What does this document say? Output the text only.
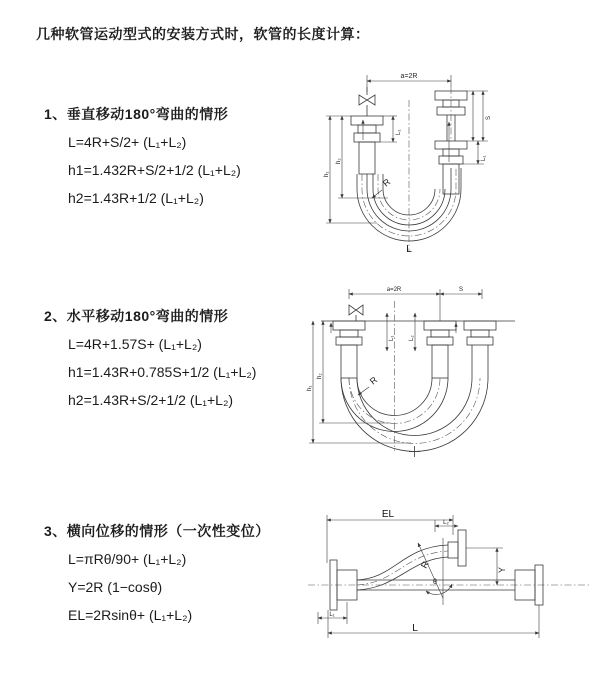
几种软管运动型式的安装方式时，软管的长度计算：
1、垂直移动180°弯曲的情形
L=4R+S/2+ (L₁+L₂)
h1=1.432R+S/2+1/2 (L₁+L₂)
h2=1.43R+1/2 (L₁+L₂)
2、水平移动180°弯曲的情形
L=4R+1.57S+ (L₁+L₂)
h1=1.43R+0.785S+1/2 (L₁+L₂)
h2=1.43R+S/2+1/2 (L₁+L₂)
3、横向位移的情形（一次性变位）
L=πRθ/90+ (L₁+L₂)
Y=2R (1−cosθ)
EL=2Rsinθ+ (L₁+L₂)
a=2R
L₁
h₂
h₁
S
L₁
R
L
a=2R	S
L₁ L₂
h₂
h₁
R
EL
L₂
R
θ
Y
L₁
L
